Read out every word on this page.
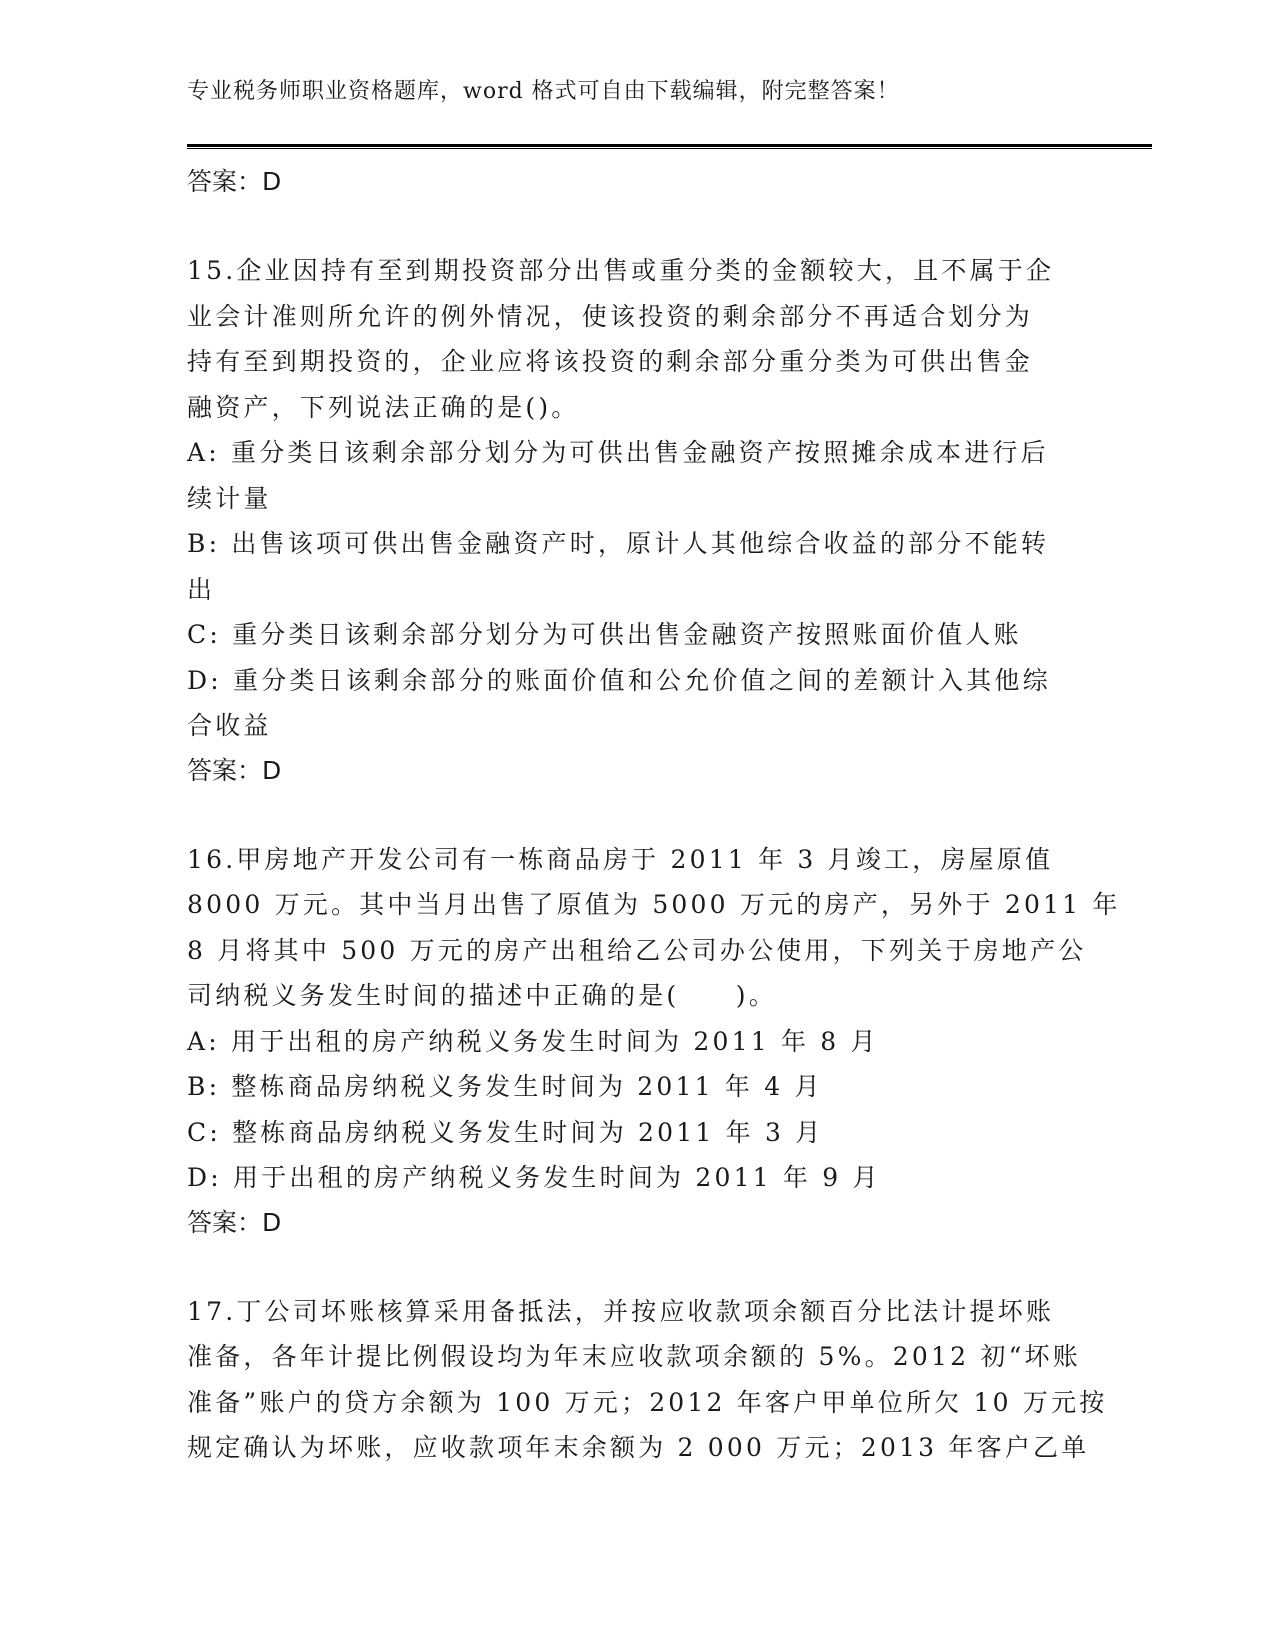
专业税务师职业资格题库，word 格式可自由下载编辑，附完整答案！
答案：D
15.企业因持有至到期投资部分出售或重分类的金额较大，且不属于企
业会计准则所允许的例外情况，使该投资的剩余部分不再适合划分为
持有至到期投资的，企业应将该投资的剩余部分重分类为可供出售金
融资产，下列说法正确的是()。
A: 重分类日该剩余部分划分为可供出售金融资产按照摊余成本进行后
续计量
B: 出售该项可供出售金融资产时，原计人其他综合收益的部分不能转
出
C: 重分类日该剩余部分划分为可供出售金融资产按照账面价值人账
D: 重分类日该剩余部分的账面价值和公允价值之间的差额计入其他综
合收益
答案：D
16.甲房地产开发公司有一栋商品房于 2011 年 3 月竣工，房屋原值
8000 万元。其中当月出售了原值为 5000 万元的房产，另外于 2011 年
8 月将其中 500 万元的房产出租给乙公司办公使用，下列关于房地产公
司纳税义务发生时间的描述中正确的是(　　)。
A: 用于出租的房产纳税义务发生时间为 2011 年 8 月
B: 整栋商品房纳税义务发生时间为 2011 年 4 月
C: 整栋商品房纳税义务发生时间为 2011 年 3 月
D: 用于出租的房产纳税义务发生时间为 2011 年 9 月
答案：D
17.丁公司坏账核算采用备抵法，并按应收款项余额百分比法计提坏账
准备，各年计提比例假设均为年末应收款项余额的 5%。2012 初“坏账
准备”账户的贷方余额为 100 万元；2012 年客户甲单位所欠 10 万元按
规定确认为坏账，应收款项年末余额为 2 000 万元；2013 年客户乙单
